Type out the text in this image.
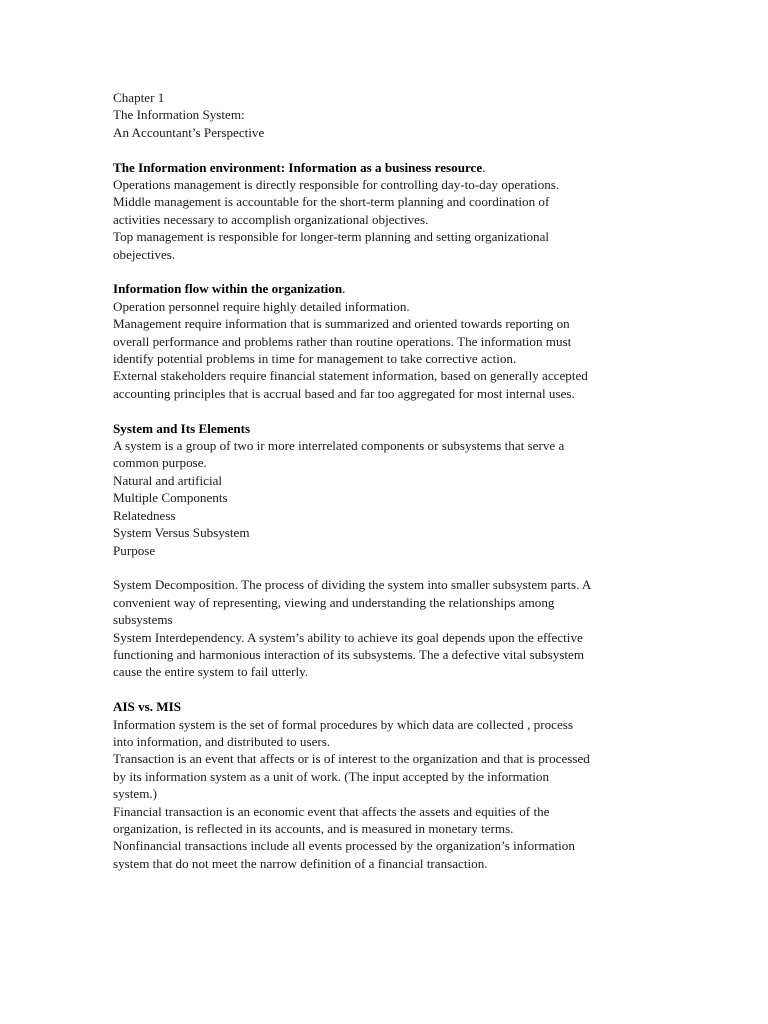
Chapter 1
The Information System:
An Accountant’s Perspective
The Information environment: Information as a business resource.
Operations management is directly responsible for controlling day-to-day operations.
Middle management is accountable for the short-term planning and coordination of
activities necessary to accomplish organizational objectives.
Top management is responsible for longer-term planning and setting organizational
obejectives.
Information flow within the organization.
Operation personnel require highly detailed information.
Management require information that is summarized and oriented towards reporting on
overall performance and problems rather than routine operations. The information must
identify potential problems in time for management to take corrective action.
External stakeholders require financial statement information, based on generally accepted
accounting principles that is accrual based and far too aggregated for most internal uses.
System and Its Elements
A system is a group of two ir more interrelated components or subsystems that serve a
common purpose.
Natural and artificial
Multiple Components
Relatedness
System Versus Subsystem
Purpose
System Decomposition. The process of dividing the system into smaller subsystem parts. A
convenient way of representing, viewing and understanding the relationships among
subsystems
System Interdependency. A system’s ability to achieve its goal depends upon the effective
functioning and harmonious interaction of its subsystems. The a defective vital subsystem
cause the entire system to fail utterly.
AIS vs. MIS
Information system is the set of formal procedures by which data are collected , process
into information, and distributed to users.
Transaction is an event that affects or is of interest to the organization and that is processed
by its information system as a unit of work. (The input accepted by the information
system.)
Financial transaction is an economic event that affects the assets and equities of the
organization, is reflected in its accounts, and is measured in monetary terms.
Nonfinancial transactions include all events processed by the organization’s information
system that do not meet the narrow definition of a financial transaction.
